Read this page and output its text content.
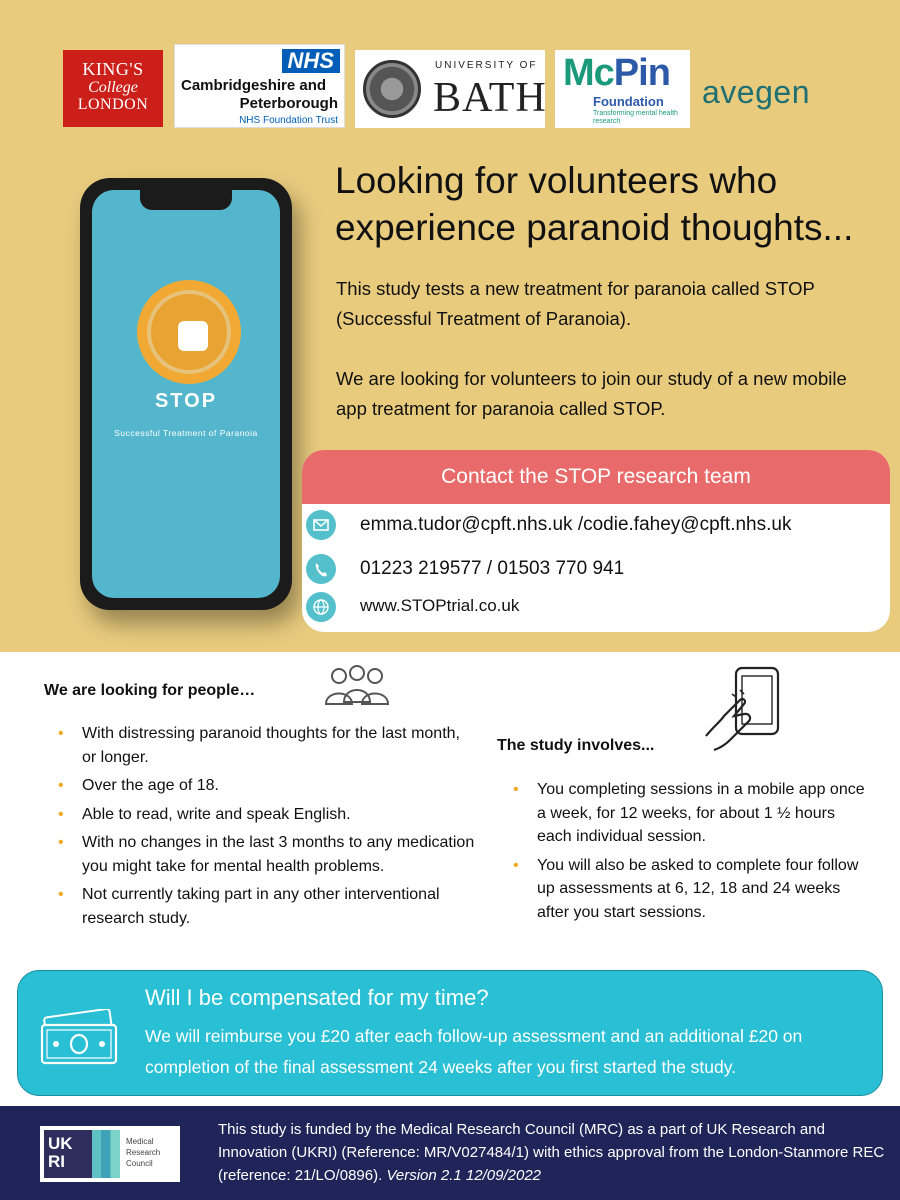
KING'S
College
LONDON
NHS
Cambridgeshire and
Peterborough
NHS Foundation Trust
UNIVERSITY OF
BATH
McPin
Foundation
Transforming mental health research
avegen
STOP
Successful Treatment of Paranoia
Looking for volunteers who experience paranoid thoughts...
This study tests a new treatment for paranoia called STOP (Successful Treatment of Paranoia).
We are looking for volunteers to join our study of a new mobile app treatment for paranoia called STOP.
Contact the STOP research team
emma.tudor@cpft.nhs.uk /codie.fahey@cpft.nhs.uk
01223 219577 / 01503 770 941
www.STOPtrial.co.uk
We are looking for people…
• With distressing paranoid thoughts for the last month, or longer.
• Over the age of 18.
• Able to read, write and speak English.
• With no changes in the last 3 months to any medication you might take for mental health problems.
• Not currently taking part in any other interventional research study.
The study involves...
• You completing sessions in a mobile app once a week, for 12 weeks, for about 1 ½ hours each individual session.
• You will also be asked to complete four follow up assessments at 6, 12, 18 and 24 weeks after you start sessions.
Will I be compensated for my time?
We will reimburse you £20 after each follow-up assessment and an additional £20 on completion of the final assessment 24 weeks after you first started the study.
UK RI
Medical
Research
Council
This study is funded by the Medical Research Council (MRC) as a part of UK Research and Innovation (UKRI) (Reference: MR/V027484/1) with ethics approval from the London-Stanmore REC (reference: 21/LO/0896). Version 2.1 12/09/2022
